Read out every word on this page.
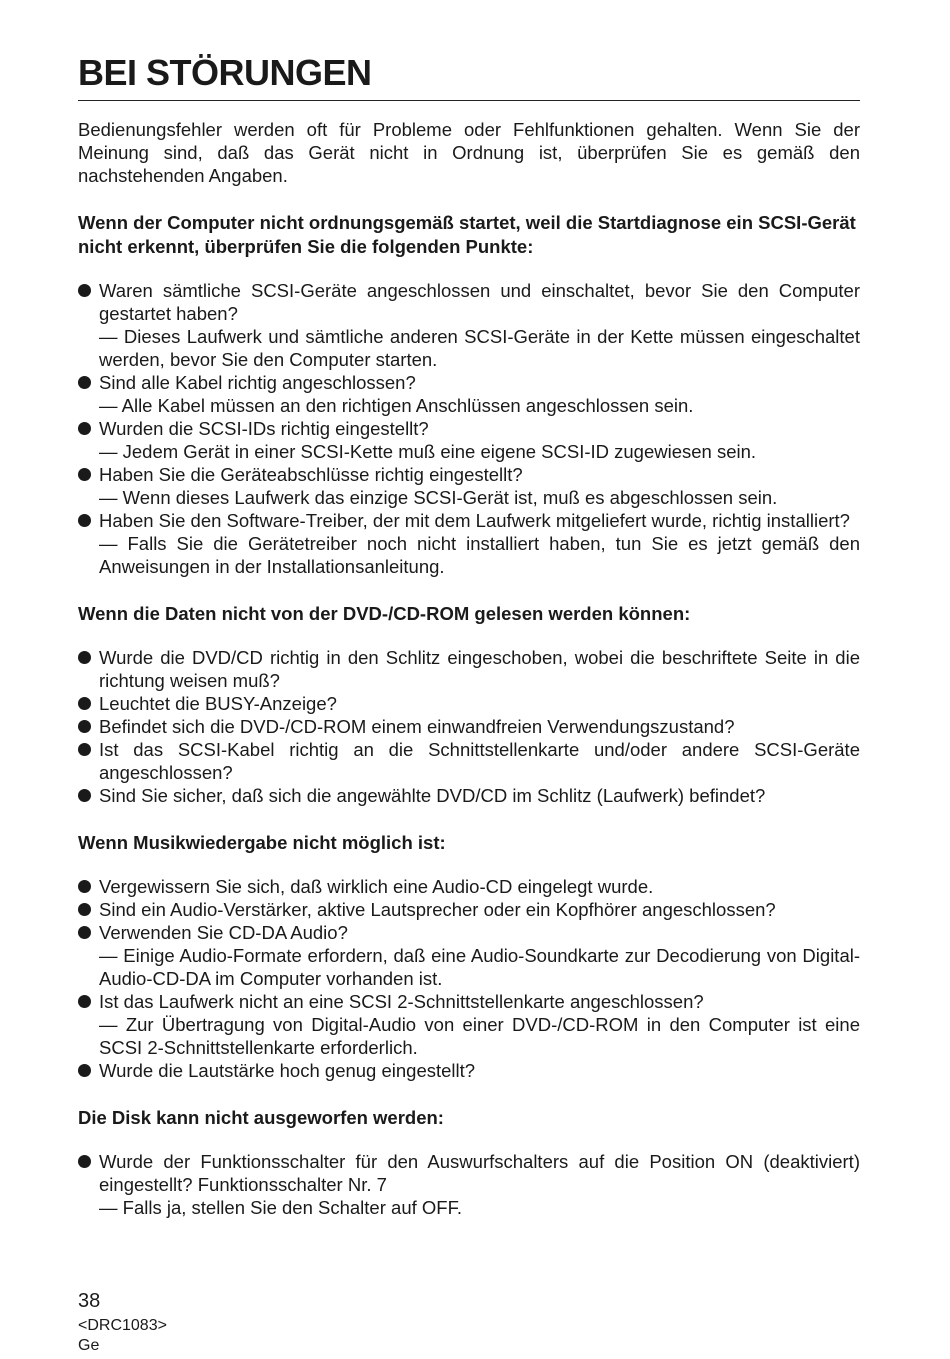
BEI STÖRUNGEN
Bedienungsfehler werden oft für Probleme oder Fehlfunktionen gehalten. Wenn Sie der Meinung sind, daß das Gerät nicht in Ordnung ist, überprüfen Sie es gemäß den nachstehenden Angaben.
Wenn der Computer nicht ordnungsgemäß startet, weil die Startdiagnose ein SCSI-Gerät nicht erkennt, überprüfen Sie die folgenden Punkte:
Waren sämtliche SCSI-Geräte angeschlossen und einschaltet, bevor Sie den Computer gestartet haben?
— Dieses Laufwerk und sämtliche anderen SCSI-Geräte in der Kette müssen eingeschaltet werden, bevor Sie den Computer starten.
Sind alle Kabel richtig angeschlossen?
— Alle Kabel müssen an den richtigen Anschlüssen angeschlossen sein.
Wurden die SCSI-IDs richtig eingestellt?
— Jedem Gerät in einer SCSI-Kette muß eine eigene SCSI-ID zugewiesen sein.
Haben Sie die Geräteabschlüsse richtig eingestellt?
— Wenn dieses Laufwerk das einzige SCSI-Gerät ist, muß es abgeschlossen sein.
Haben Sie den Software-Treiber, der mit dem Laufwerk mitgeliefert wurde, richtig installiert?
— Falls Sie die Gerätetreiber noch nicht installiert haben, tun Sie es jetzt gemäß den Anweisungen in der Installationsanleitung.
Wenn die Daten nicht von der DVD-/CD-ROM gelesen werden können:
Wurde die DVD/CD richtig in den Schlitz eingeschoben, wobei die beschriftete Seite in die richtung weisen muß?
Leuchtet die BUSY-Anzeige?
Befindet sich die DVD-/CD-ROM einem einwandfreien Verwendungszustand?
Ist das SCSI-Kabel richtig an die Schnittstellenkarte und/oder andere SCSI-Geräte angeschlossen?
Sind Sie sicher, daß sich die angewählte DVD/CD im Schlitz (Laufwerk) befindet?
Wenn Musikwiedergabe nicht möglich ist:
Vergewissern Sie sich, daß wirklich eine Audio-CD eingelegt wurde.
Sind ein Audio-Verstärker, aktive Lautsprecher oder ein Kopfhörer angeschlossen?
Verwenden Sie CD-DA Audio?
— Einige Audio-Formate erfordern, daß eine Audio-Soundkarte zur Decodierung von Digital-Audio-CD-DA im Computer vorhanden ist.
Ist das Laufwerk nicht an eine SCSI 2-Schnittstellenkarte angeschlossen?
— Zur Übertragung von Digital-Audio von einer DVD-/CD-ROM in den Computer ist eine SCSI 2-Schnittstellenkarte erforderlich.
Wurde die Lautstärke hoch genug eingestellt?
Die Disk kann nicht ausgeworfen werden:
Wurde der Funktionsschalter für den Auswurfschalters auf die Position ON (deaktiviert) eingestellt? Funktionsschalter Nr. 7
— Falls ja, stellen Sie den Schalter auf OFF.
38
<DRC1083>
Ge
